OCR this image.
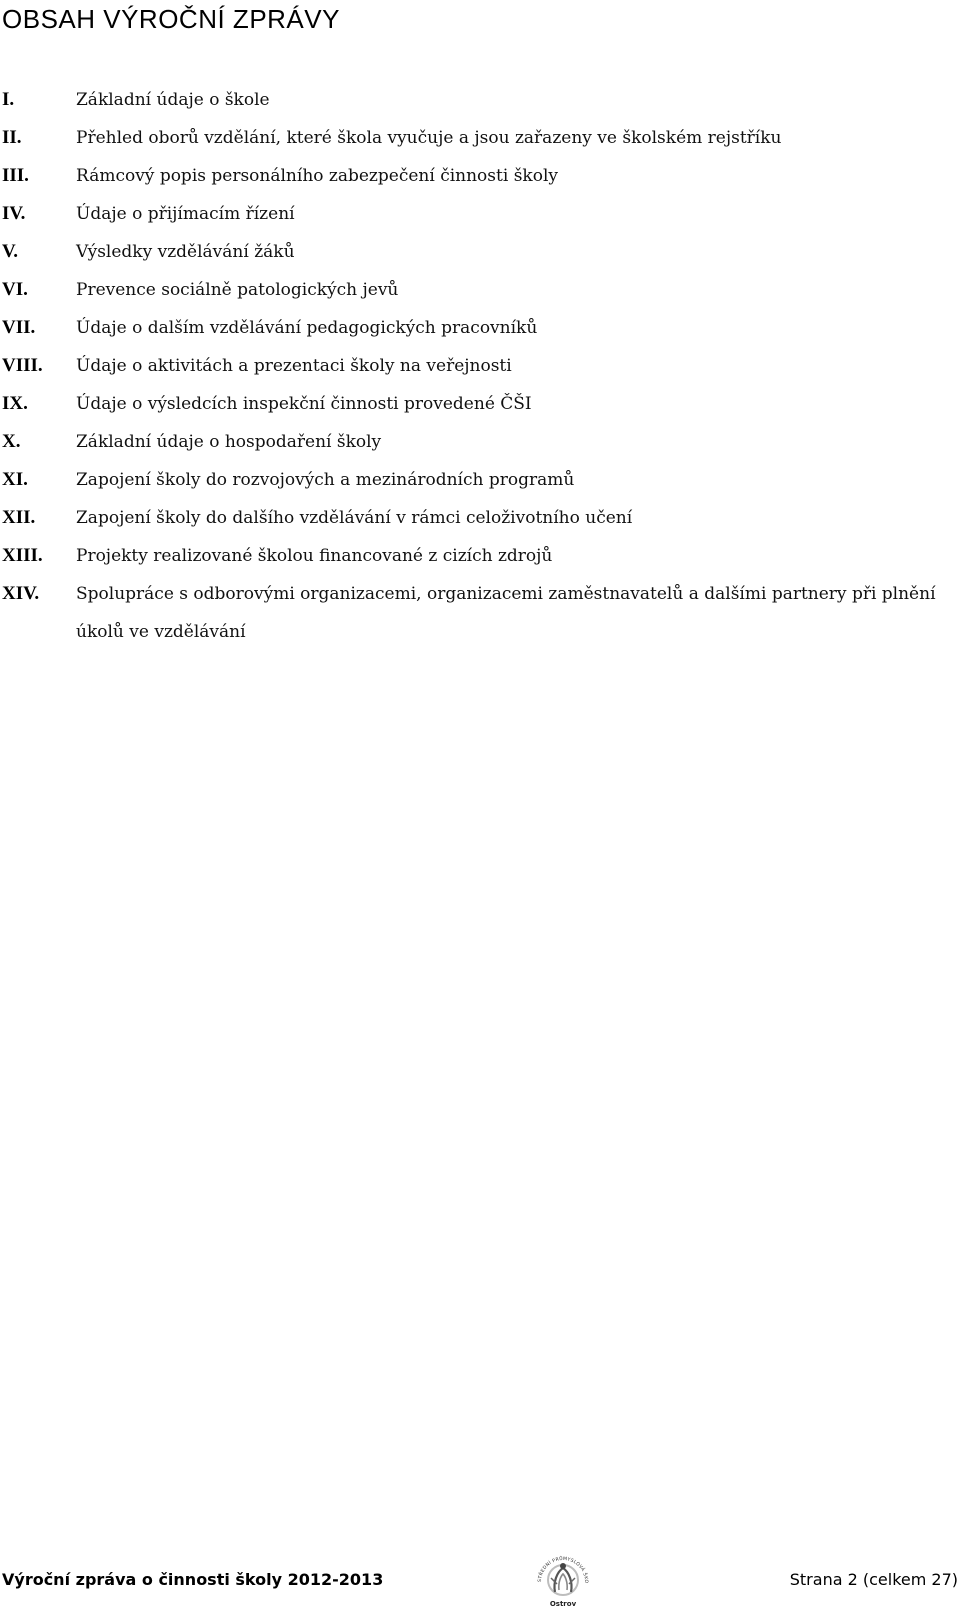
OBSAH VÝROČNÍ ZPRÁVY
I.	Základní údaje o škole
II.	Přehled oborů vzdělání, které škola vyučuje a jsou zařazeny ve školském rejstříku
III.	Rámcový popis personálního zabezpečení činnosti školy
IV.	Údaje o přijímacím řízení
V.	Výsledky vzdělávání žáků
VI.	Prevence sociálně patologických jevů
VII. Údaje o dalším vzdělávání pedagogických pracovníků
VIII. Údaje o aktivitách a prezentaci školy na veřejnosti
IX.	Údaje o výsledcích inspekční činnosti provedené ČŠI
X.	Základní údaje o hospodaření školy
XI.	Zapojení školy do rozvojových a mezinárodních programů
XII. Zapojení školy do dalšího vzdělávání v rámci celoživotního učení
XIII. Projekty realizované školou financované z cizích zdrojů
XIV. Spolupráce s odborovými organizacemi, organizacemi zaměstnavatelů a dalšími partnery při plnění úkolů ve vzdělávání
Výroční zpráva o činnosti školy 2012-2013	STŘEDNÍ PRŮMYSLOVÁ ŠKO
Ostrov
Strana 2 (celkem 27)
